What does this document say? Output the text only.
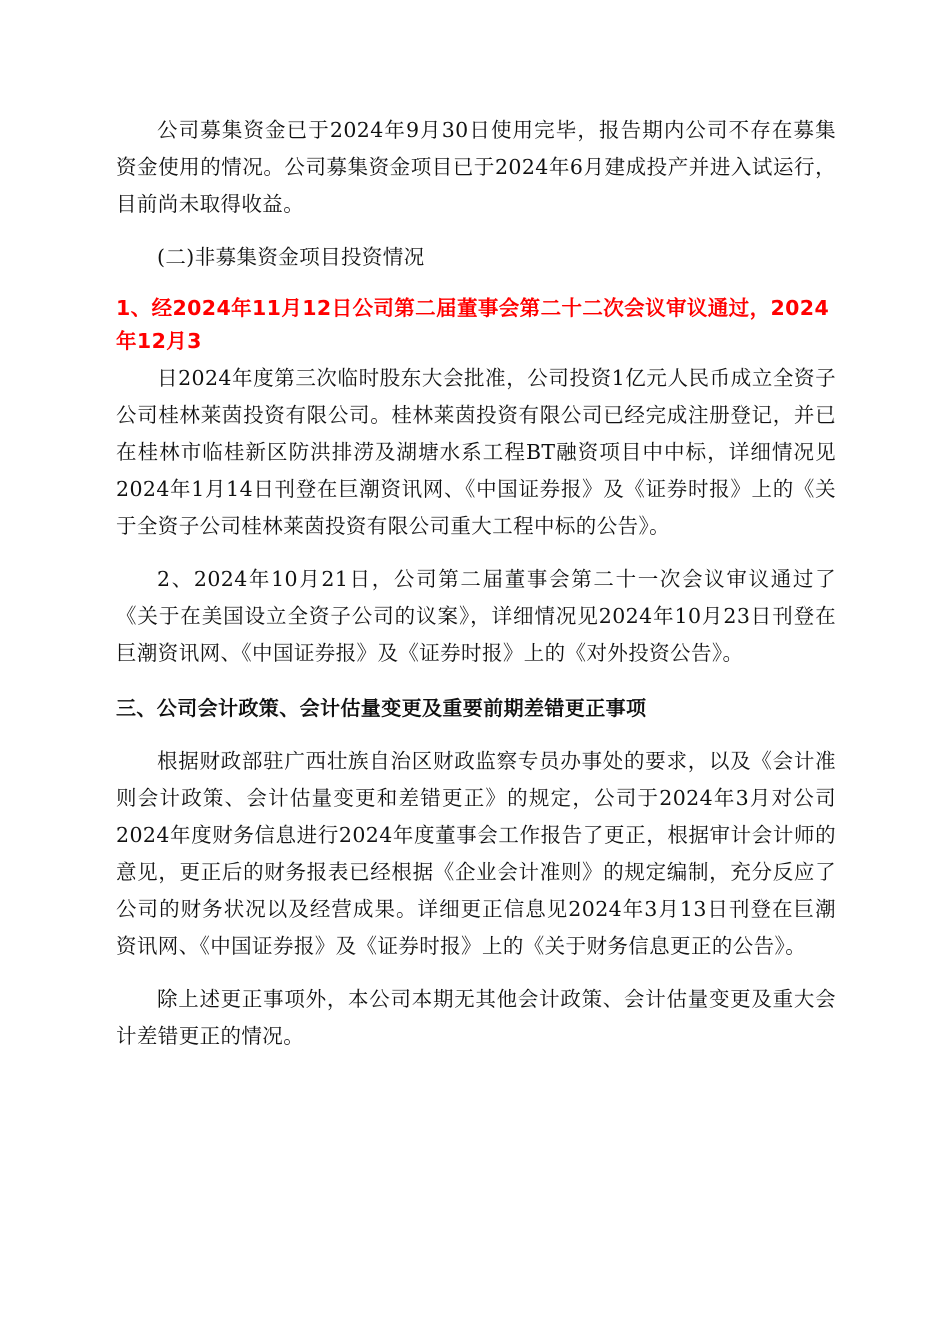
公司募集资金已于2024年9月30日使用完毕，报告期内公司不存在募集资金使用的情况。公司募集资金项目已于2024年6月建成投产并进入试运行，目前尚未取得收益。

(二)非募集资金项目投资情况

1、经2024年11月12日公司第二届董事会第二十二次会议审议通过，2024年12月3

日2024年度第三次临时股东大会批准，公司投资1亿元人民币成立全资子公司桂林莱茵投资有限公司。桂林莱茵投资有限公司已经完成注册登记，并已在桂林市临桂新区防洪排涝及湖塘水系工程BT融资项目中中标，详细情况见2024年1月14日刊登在巨潮资讯网、《中国证券报》及《证券时报》上的《关于全资子公司桂林莱茵投资有限公司重大工程中标的公告》。

2、2024年10月21日，公司第二届董事会第二十一次会议审议通过了《关于在美国设立全资子公司的议案》，详细情况见2024年10月23日刊登在巨潮资讯网、《中国证券报》及《证券时报》上的《对外投资公告》。

三、公司会计政策、会计估量变更及重要前期差错更正事项

根据财政部驻广西壮族自治区财政监察专员办事处的要求，以及《会计准则会计政策、会计估量变更和差错更正》的规定，公司于2024年3月对公司2024年度财务信息进行2024年度董事会工作报告了更正，根据审计会计师的意见，更正后的财务报表已经根据《企业会计准则》的规定编制，充分反应了公司的财务状况以及经营成果。详细更正信息见2024年3月13日刊登在巨潮资讯网、《中国证券报》及《证券时报》上的《关于财务信息更正的公告》。

除上述更正事项外，本公司本期无其他会计政策、会计估量变更及重大会计差错更正的情况。
